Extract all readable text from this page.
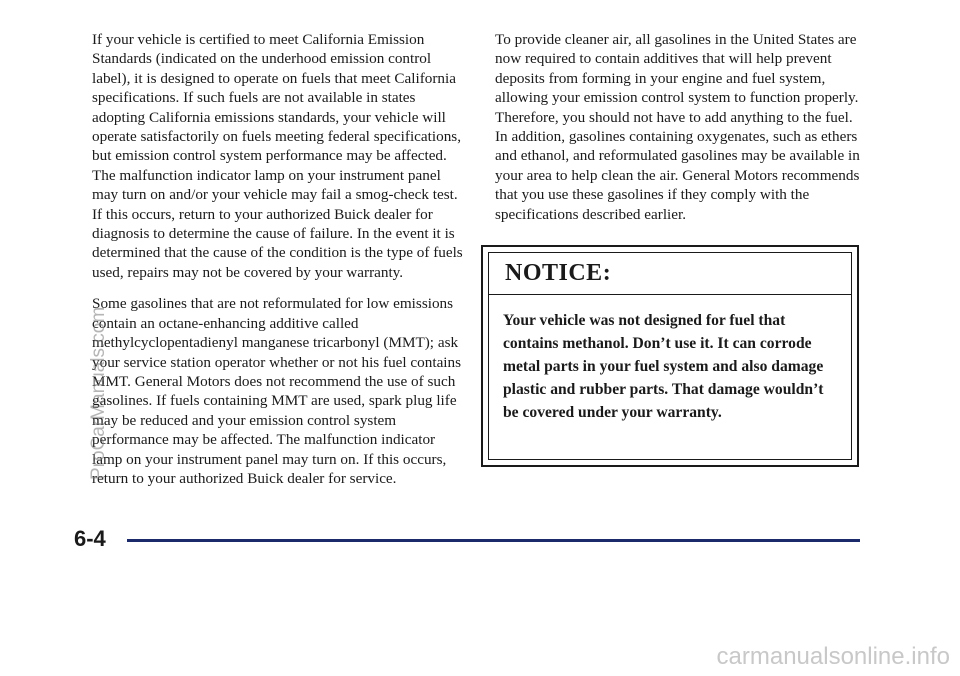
If your vehicle is certified to meet California Emission Standards (indicated on the underhood emission control label), it is designed to operate on fuels that meet California specifications. If such fuels are not available in states adopting California emissions standards, your vehicle will operate satisfactorily on fuels meeting federal specifications, but emission control system performance may be affected. The malfunction indicator lamp on your instrument panel may turn on and/or your vehicle may fail a smog-check test. If this occurs, return to your authorized Buick dealer for diagnosis to determine the cause of failure. In the event it is determined that the cause of the condition is the type of fuels used, repairs may not be covered by your warranty.

Some gasolines that are not reformulated for low emissions contain an octane-enhancing additive called methylcyclopentadienyl manganese tricarbonyl (MMT); ask your service station operator whether or not his fuel contains MMT. General Motors does not recommend the use of such gasolines. If fuels containing MMT are used, spark plug life may be reduced and your emission control system performance may be affected. The malfunction indicator lamp on your instrument panel may turn on. If this occurs, return to your authorized Buick dealer for service.

To provide cleaner air, all gasolines in the United States are now required to contain additives that will help prevent deposits from forming in your engine and fuel system, allowing your emission control system to function properly. Therefore, you should not have to add anything to the fuel. In addition, gasolines containing oxygenates, such as ethers and ethanol, and reformulated gasolines may be available in your area to help clean the air. General Motors recommends that you use these gasolines if they comply with the specifications described earlier.

NOTICE:
Your vehicle was not designed for fuel that contains methanol. Don’t use it. It can corrode metal parts in your fuel system and also damage plastic and rubber parts. That damage wouldn’t be covered under your warranty.
6-4
ProCarManuals.com
carmanualsonline.info
